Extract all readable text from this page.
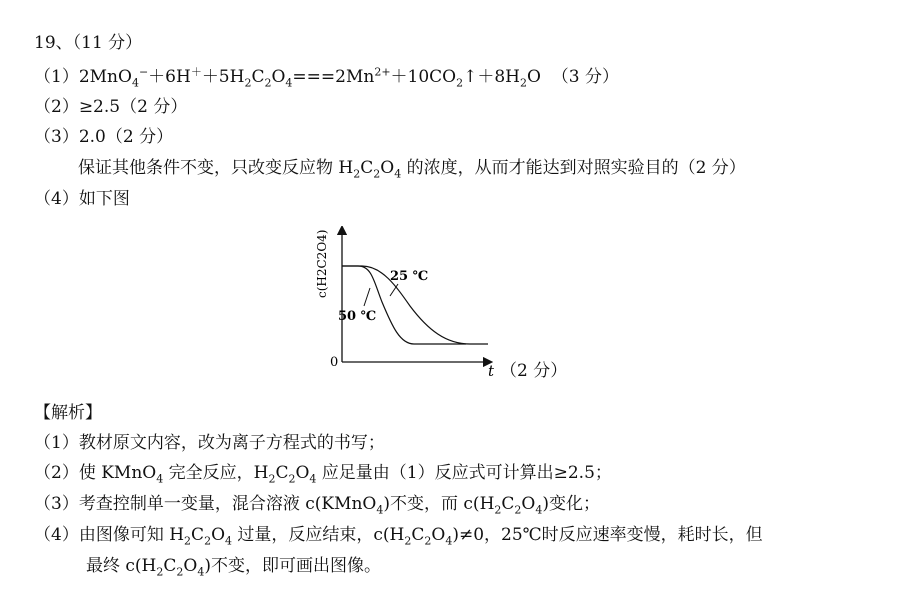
19、（11 分）
$(1)2MnO_4^-+6H^++5H_2C_2O_4===2Mn^{2+}+10CO_2↑+8H_2O$ （3 分）
（2）≥2.5（2 分）
（3）2.0（2 分）
保证其他条件不变，只改变反应物 $H_2C_2O_4$ 的浓度，从而才能达到对照实验目的（2 分）
（4）如下图
c(H2C2O4)
0	t
25 ℃
50 ℃
（2 分）
【解析】
（1）教材原文内容，改为离子方程式的书写；
（2）使 KMnO$_4$ 完全反应，$H_2C_2O_4$ 应足量由（1）反应式可计算出≥2.5；
（3）考查控制单一变量，混合溶液 c(KMnO$_4$)不变，而 $c(H_2C_2O_4)$变化；
（4）由图像可知 $H_2C_2O_4$ 过量，反应结束，$c(H_2C_2O_4)\ne 0$，25℃时反应速率变慢，耗时长，但
最终 $c(H_2C_2O_4)$不变，即可画出图像。
